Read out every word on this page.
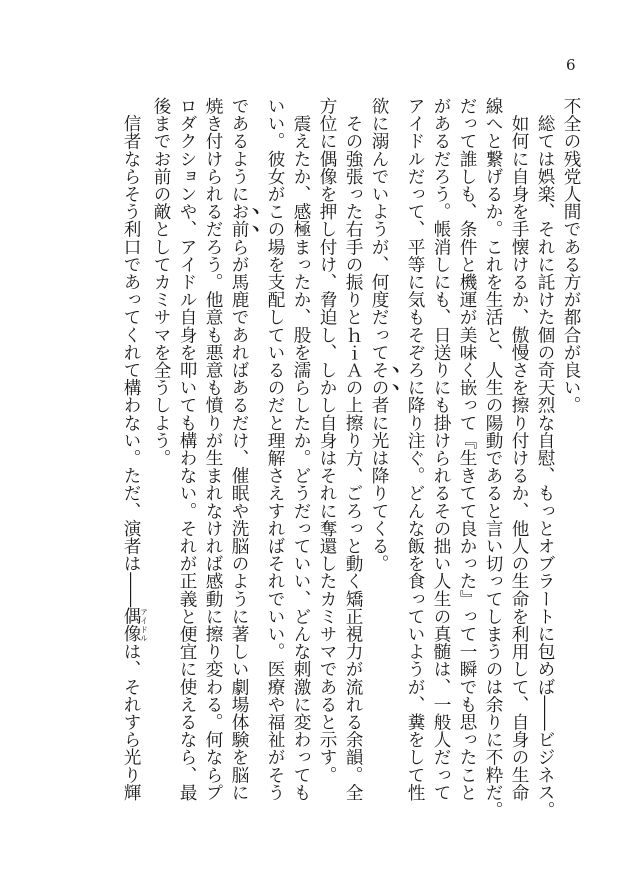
6
不全の残党人間である方が都合が良い。
　総ては娯楽、それに託けた個の奇天烈な自慰、もっとオブラートに包めば――ビジネス。
　如何に自身を手懐けるか、傲慢さを擦り付けるか、他人の生命を利用して、自身の生命
線へと繋げるか。これを生活と、人生の陽動であると言い切ってしまうのは余りに不粋だ。
だって誰しも、条件と機運が美味く嵌って『生きてて良かった』って一瞬でも思ったこと
があるだろう。帳消しにも、日送りにも掛けられるその拙い人生の真髄は、一般人だって
アイドルだって、平等に気もそぞろに降り注ぐ。どんな飯を食っていようが、糞をして性
欲に溺んでいようが、何度だってその者に光は降りてくる。
　その強張った右手の振りとｈｉＡの上擦り方、ごろっと動く矯正視力が流れる余韻。全
方位に偶像を押し付け、脅迫し、しかし自身はそれに奪還したカミサマであると示す。
　震えたか、感極まったか、股を濡らしたか。どうだっていい、どんな刺激に変わっても
いい。彼女がこの場を支配しているのだと理解さえすればそれでいい。医療や福祉がそう
であるようにお前らが馬鹿であればあるだけ、催眠や洗脳のように著しい劇場体験を脳に
焼き付けられるだろう。他意も悪意も憤りが生まれなければ感動に擦り変わる。何ならプ
ロダクションや、アイドル自身を叩いても構わない。それが正義と便宜に使えるなら、最
後までお前の敵としてカミサマを全うしよう。
　信者ならそう利口であってくれて構わない。ただ、演者は――偶像アイドルは、それすら光り輝
